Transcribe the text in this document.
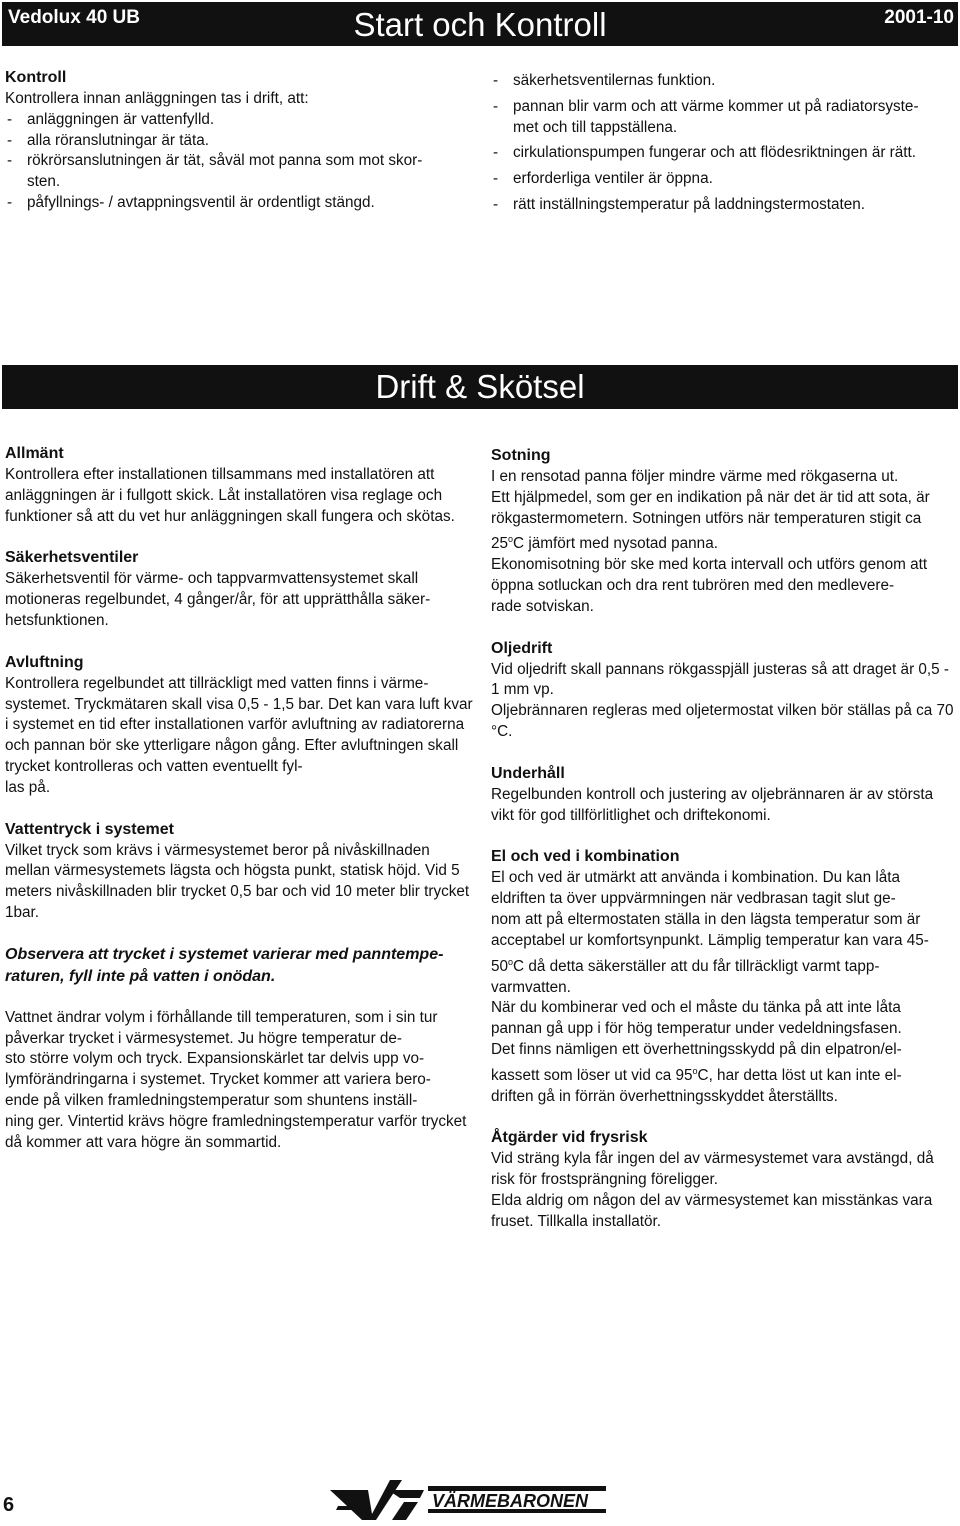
Vedolux 40 UB	Start och Kontroll	2001-10
Kontroll

Kontrollera innan anläggningen tas i drift, att:

- anläggningen är vattenfylld.
- alla röranslutningar är täta.
- rökrörsanslutningen är tät, såväl mot panna som mot skor-
sten.
- påfyllnings- / avtappningsventil är ordentligt stängd.
- säkerhetsventilernas funktion.
- pannan blir varm och att värme kommer ut på radiatorsyste-
met och till tappställena.
- cirkulationspumpen fungerar och att flödesriktningen är rätt.
- erforderliga ventiler är öppna.
- rätt inställningstemperatur på laddningstermostaten.
Drift & Skötsel
Allmänt

Kontrollera efter installationen tillsammans med installatören att anläggningen är i fullgott skick. Låt installatören visa reglage och funktioner så att du vet hur anläggningen skall fungera och skötas.

Säkerhetsventiler

Säkerhetsventil för värme- och tappvarmvattensystemet skall motioneras regelbundet, 4 gånger/år, för att upprätthålla säker-
hetsfunktionen.

Avluftning

Kontrollera regelbundet att tillräckligt med vatten finns i värme-
systemet. Tryckmätaren skall visa 0,5 - 1,5 bar. Det kan vara luft kvar i systemet en tid efter installationen varför avluftning av radiatorerna och pannan bör ske ytterligare någon gång. Efter avluftningen skall trycket kontrolleras och vatten eventuellt fyl-
las på.

Vattentryck i systemet

Vilket tryck som krävs i värmesystemet beror på nivåskillnaden mellan värmesystemets lägsta och högsta punkt, statisk höjd. Vid 5 meters nivåskillnaden blir trycket 0,5 bar och vid 10 meter blir trycket 1bar.

Observera att trycket i systemet varierar med panntempe-
raturen, fyll inte på vatten i onödan.

Vattnet ändrar volym i förhållande till temperaturen, som i sin tur påverkar trycket i värmesystemet. Ju högre temperatur de-
sto större volym och tryck. Expansionskärlet tar delvis upp vo-
lymförändringarna i systemet. Trycket kommer att variera bero-
ende på vilken framledningstemperatur som shuntens inställ-
ning ger. Vintertid krävs högre framledningstemperatur varför trycket då kommer att vara högre än sommartid.

Sotning

I en rensotad panna följer mindre värme med rökgaserna ut.

Ett hjälpmedel, som ger en indikation på när det är tid att sota, är rökgastermometern. Sotningen utförs när temperaturen stigit ca 25$^o$C jämfört med nysotad panna.

Ekonomisotning bör ske med korta intervall och utförs genom att öppna sotluckan och dra rent tubrören med den medlevere-
rade sotviskan.

Oljedrift

Vid oljedrift skall pannans rökgasspjäll justeras så att draget är 0,5 - 1 mm vp.

Oljebrännaren regleras med oljetermostat vilken bör ställas på ca 70 °C.

Underhåll

Regelbunden kontroll och justering av oljebrännaren är av största vikt för god tillförlitlighet och driftekonomi.

El och ved i kombination

El och ved är utmärkt att använda i kombination. Du kan låta eldriften ta över uppvärmningen när vedbrasan tagit slut ge-
nom att på eltermostaten ställa in den lägsta temperatur som är acceptabel ur komfortsynpunkt. Lämplig temperatur kan vara 45-50$^o$C då detta säkerställer att du får tillräckligt varmt tapp-
varmvatten.

När du kombinerar ved och el måste du tänka på att inte låta pannan gå upp i för hög temperatur under vedeldningsfasen.

Det finns nämligen ett överhettningsskydd på din elpatron/el-
kassett som löser ut vid ca 95$^o$C, har detta löst ut kan inte el-
driften gå in förrän överhettningsskyddet återställts.

Åtgärder vid frysrisk

Vid sträng kyla får ingen del av värmesystemet vara avstängd, då risk för frostsprängning föreligger.

Elda aldrig om någon del av värmesystemet kan misstänkas vara fruset. Tillkalla installatör.

6	VÄRMEBARONEN
